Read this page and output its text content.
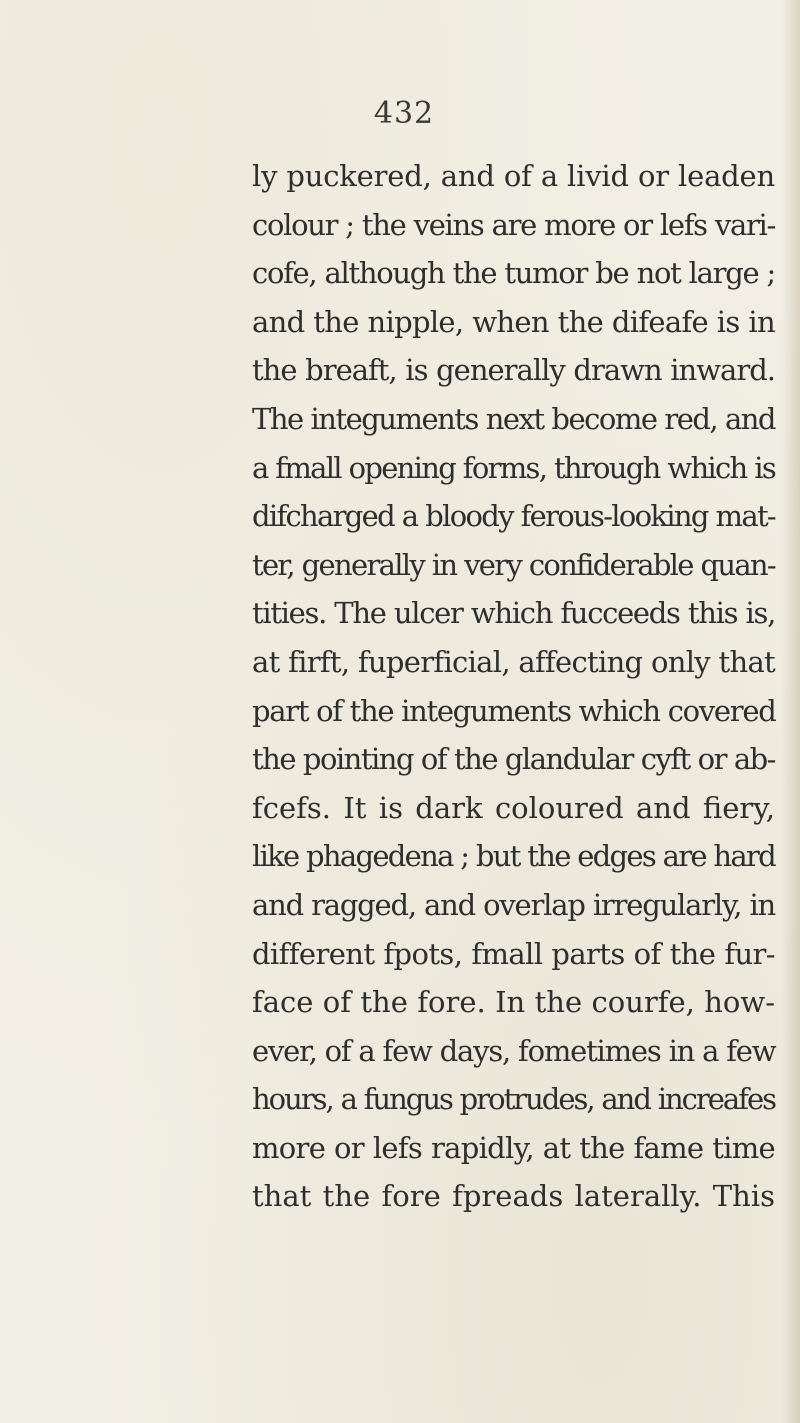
432
ly puckered, and of a livid or leaden
colour ; the veins are more or lefs vari-
cofe, although the tumor be not large ;
and the nipple, when the difeafe is in
the breaft, is generally drawn inward.
The integuments next become red, and
a fmall opening forms, through which is
difcharged a bloody ferous-looking mat-
ter, generally in very confiderable quan-
tities. The ulcer which fucceeds this is,
at firft, fuperficial, affecting only that
part of the integuments which covered
the pointing of the glandular cyft or ab-
fcefs. It is dark coloured and fiery,
like phagedena ; but the edges are hard
and ragged, and overlap irregularly, in
different fpots, fmall parts of the fur-
face of the fore. In the courfe, how-
ever, of a few days, fometimes in a few
hours, a fungus protrudes, and increafes
more or lefs rapidly, at the fame time
that the fore fpreads laterally. This
